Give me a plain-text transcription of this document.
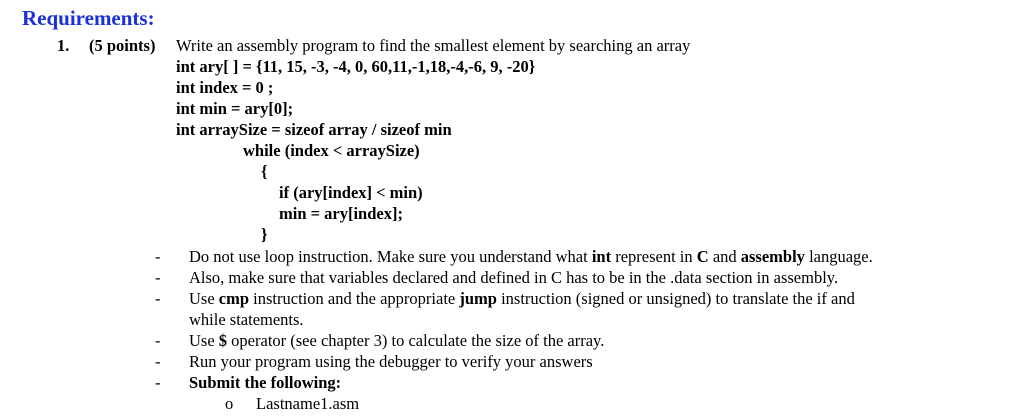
Requirements:
1. (5 points) Write an assembly program to find the smallest element by searching an array
int ary[ ] = {11, 15, -3, -4, 0, 60,11,-1,18,-4,-6, 9, -20}
int index = 0 ;
int min = ary[0];
int arraySize = sizeof array / sizeof min
while (index < arraySize)
{
if (ary[index] < min)
min = ary[index];
}
- Do not use loop instruction. Make sure you understand what int represent in C and assembly language.
- Also, make sure that variables declared and defined in C has to be in the .data section in assembly.
- Use cmp instruction and the appropriate jump instruction (signed or unsigned) to translate the if and
while statements.
- Use $ operator (see chapter 3) to calculate the size of the array.
- Run your program using the debugger to verify your answers
- Submit the following:
o Lastname1.asm
